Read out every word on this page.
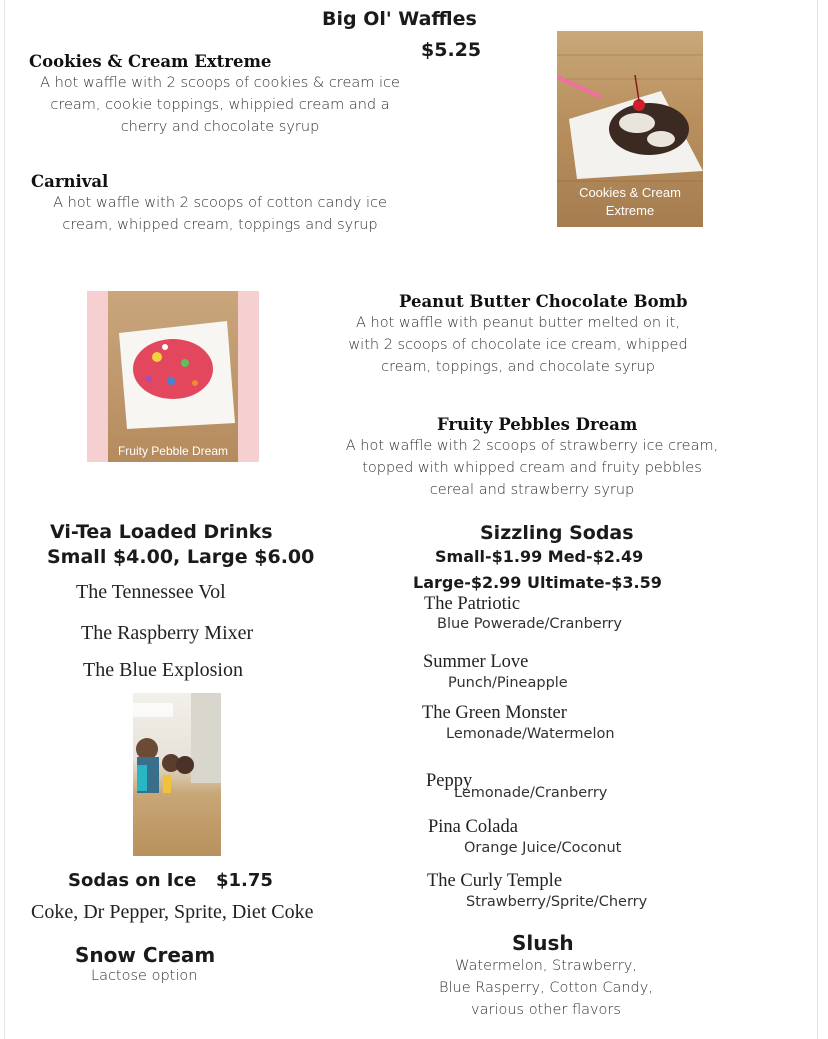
Big Ol' Waffles
$5.25
Cookies & Cream Extreme
A hot waffle with 2 scoops of cookies & cream ice
cream, cookie toppings, whippied cream and a
cherry and chocolate syrup
Carnival
A hot waffle with 2 scoops of cotton candy ice
cream, whipped cream, toppings and syrup
Cookies & Cream
Extreme
Fruity Pebble Dream
Peanut Butter Chocolate Bomb
A hot waffle with peanut butter melted on it,
with 2 scoops of chocolate ice cream, whipped
cream, toppings, and chocolate syrup
Fruity Pebbles Dream
A hot waffle with 2 scoops of strawberry ice cream,
topped with whipped cream and fruity pebbles
cereal and strawberry syrup
Vi-Tea Loaded Drinks
Small $4.00, Large $6.00
The Tennessee Vol
The Raspberry Mixer
The Blue Explosion
Sodas on Ice $1.75
Coke, Dr Pepper, Sprite, Diet Coke
Snow Cream
Lactose option
Sizzling Sodas
Small-$1.99 Med-$2.49
Large-$2.99 Ultimate-$3.59
The Patriotic
Blue Powerade/Cranberry
Summer Love
Punch/Pineapple
The Green Monster
Lemonade/Watermelon
Peppy
Lemonade/Cranberry
Pina Colada
Orange Juice/Coconut
The Curly Temple
Strawberry/Sprite/Cherry
Slush
Watermelon, Strawberry,
Blue Rasperry, Cotton Candy,
various other flavors
